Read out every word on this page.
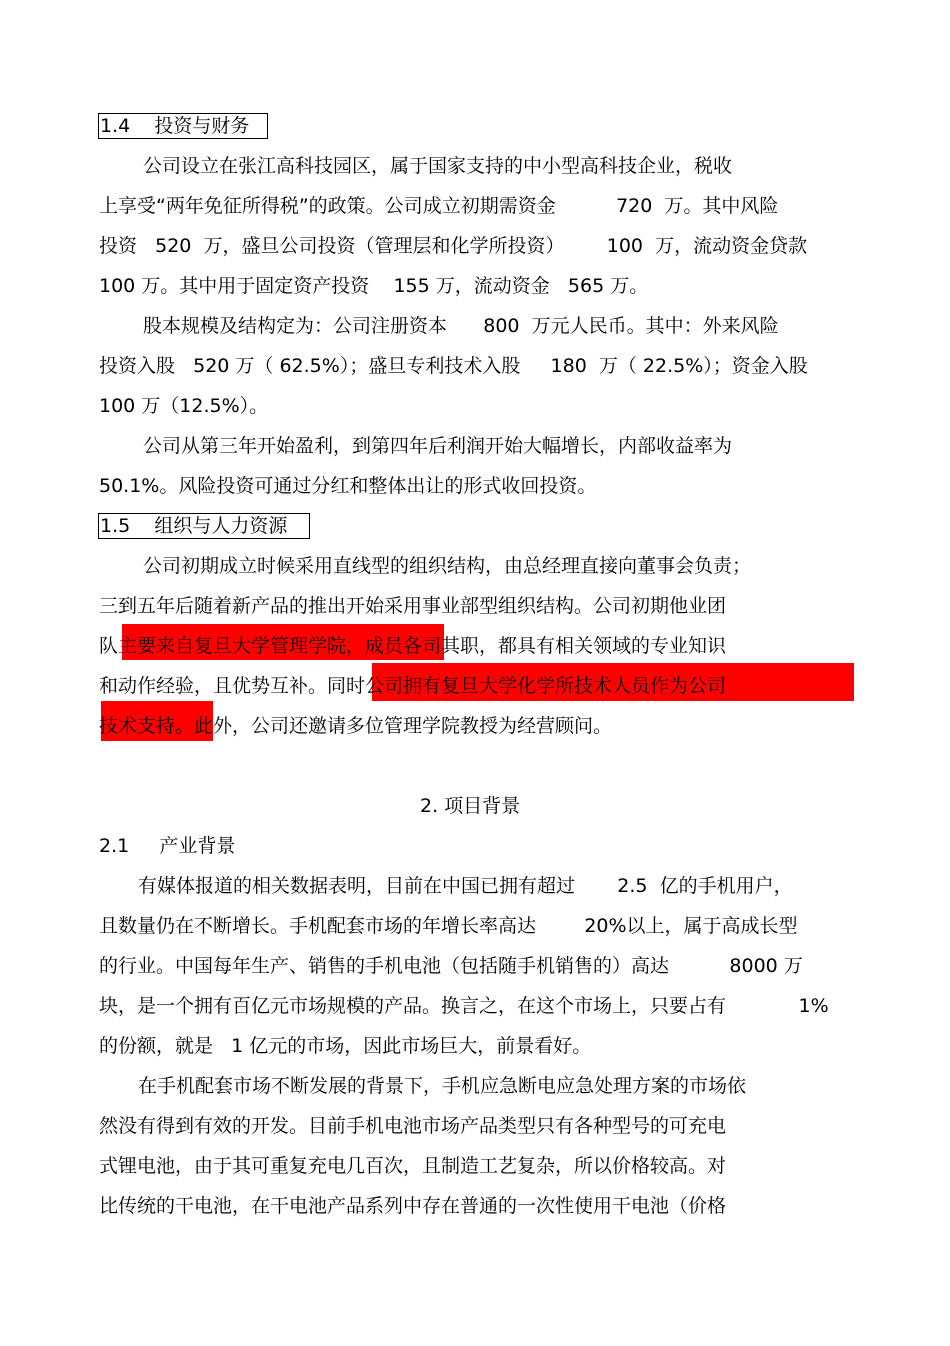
1.4    投资与财务
公司设立在张江高科技园区，属于国家支持的中小型高科技企业，税收
上享受“两年免征所得税”的政策。公司成立初期需资金          720  万。其中风险
投资   520  万，盛旦公司投资（管理层和化学所投资）       100  万，流动资金贷款
100 万。其中用于固定资产投资    155 万，流动资金   565 万。
股本规模及结构定为：公司注册资本      800  万元人民币。其中：外来风险
投资入股   520 万（ 62.5%）；盛旦专利技术入股     180  万（ 22.5%）；资金入股
100 万（12.5%）。
公司从第三年开始盈利，到第四年后利润开始大幅增长，内部收益率为
50.1%。风险投资可通过分红和整体出让的形式收回投资。
1.5    组织与人力资源
公司初期成立时候采用直线型的组织结构，由总经理直接向董事会负责；
三到五年后随着新产品的推出开始采用事业部型组织结构。公司初期他业团
队主要来自复旦大学管理学院，成员各司其职，都具有相关领域的专业知识
和动作经验，且优势互补。同时公司拥有复旦大学化学所技术人员作为公司
技术支持。此外，公司还邀请多位管理学院教授为经营顾问。
2. 项目背景
2.1     产业背景
有媒体报道的相关数据表明，目前在中国已拥有超过       2.5  亿的手机用户，
且数量仍在不断增长。手机配套市场的年增长率高达        20%以上，属于高成长型
的行业。中国每年生产、销售的手机电池（包括随手机销售的）高达          8000 万
块，是一个拥有百亿元市场规模的产品。换言之，在这个市场上，只要占有            1%
的份额，就是   1 亿元的市场，因此市场巨大，前景看好。
在手机配套市场不断发展的背景下，手机应急断电应急处理方案的市场依
然没有得到有效的开发。目前手机电池市场产品类型只有各种型号的可充电
式锂电池，由于其可重复充电几百次，且制造工艺复杂，所以价格较高。对
比传统的干电池，在干电池产品系列中存在普通的一次性使用干电池（价格
